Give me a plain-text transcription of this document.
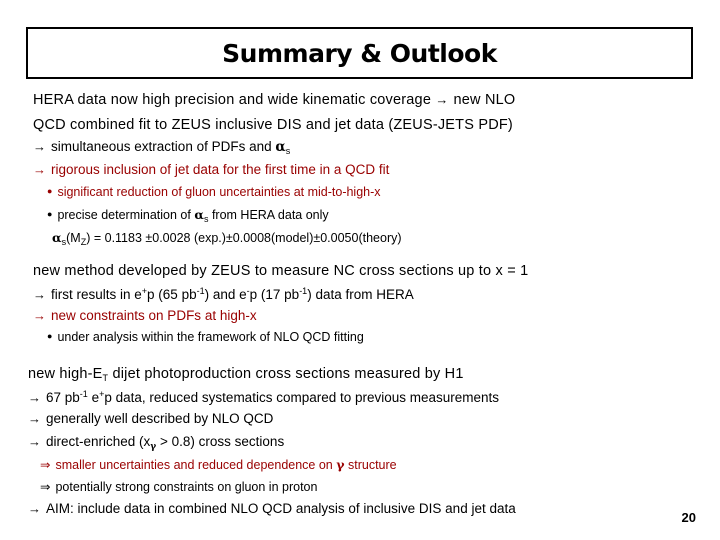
Summary & Outlook
HERA data now high precision and wide kinematic coverage → new NLO
QCD combined fit to ZEUS inclusive DIS and jet data (ZEUS-JETS PDF)
→ simultaneous extraction of PDFs and $\alpha_s$
→ rigorous inclusion of jet data for the first time in a QCD fit
● significant reduction of gluon uncertainties at mid-to-high-x
● precise determination of $\alpha_s$ from HERA data only
$\alpha_s(M_Z) = 0.1183 \pm 0.0028$ (exp.)±0.0008(model)±0.0050(theory)
new method developed by ZEUS to measure NC cross sections up to x = 1
→ first results in e+p (65 $pb^{-1}$) and e-p (17 $pb^{-1}$) data from HERA
→ new constraints on PDFs at high-x
● under analysis within the framework of NLO QCD fitting
new high-$E_T$ dijet photoproduction cross sections measured by H1
→ 67 $pb^{-1}$ e+p data, reduced systematics compared to previous measurements
→ generally well described by NLO QCD
→ direct-enriched $(x_\gamma > 0.8)$ cross sections
⇒ smaller uncertainties and reduced dependence on γ structure
⇒ potentially strong constraints on gluon in proton
→ AIM: include data in combined NLO QCD analysis of inclusive DIS and jet data
20
